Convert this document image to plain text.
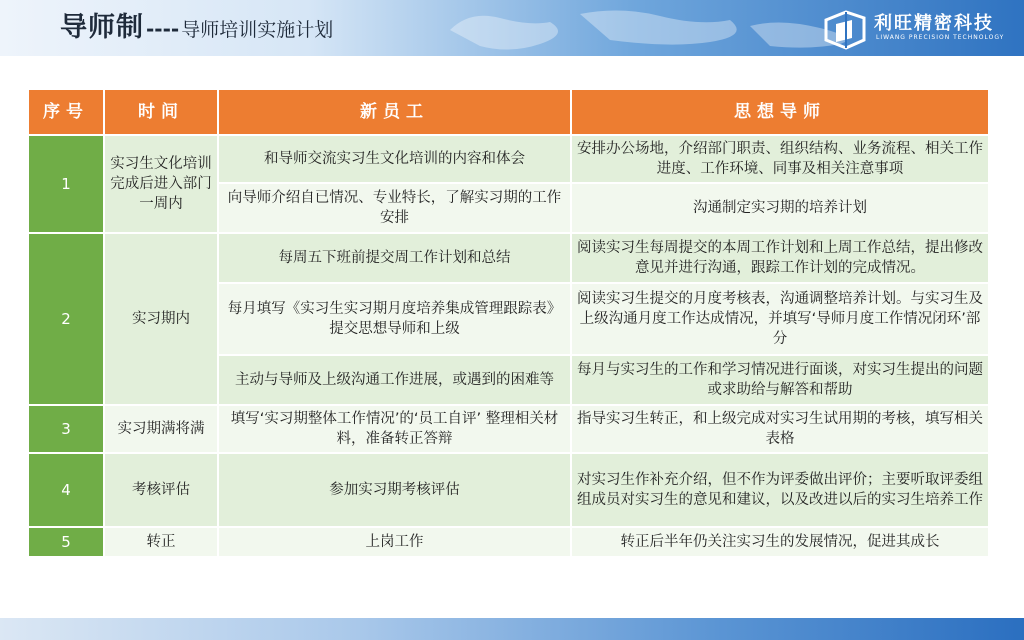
导师制 ---- 导师培训实施计划	利旺精密科技
LIWANG PRECISION TECHNOLOGY
序号	时间	新员工	思想导师
1	实习生文化培训完成后进入部门一周内	和导师交流实习生文化培训的内容和体会	安排办公场地，介绍部门职责、组织结构、业务流程、相关工作进度、工作环境、同事及相关注意事项
		向导师介绍自已情况、专业特长，了解实习期的工作安排	沟通制定实习期的培养计划
2	实习期内	每周五下班前提交周工作计划和总结	阅读实习生每周提交的本周工作计划和上周工作总结，提出修改意见并进行沟通，跟踪工作计划的完成情况。
		每月填写《实习生实习期月度培养集成管理跟踪表》提交思想导师和上级	阅读实习生提交的月度考核表，沟通调整培养计划。与实习生及上级沟通月度工作达成情况，并填写‘导师月度工作情况闭环’部分
		主动与导师及上级沟通工作进展，或遇到的困难等	每月与实习生的工作和学习情况进行面谈，对实习生提出的问题或求助给与解答和帮助
3	实习期满将满	填写‘实习期整体工作情况’的‘员工自评’ 整理相关材料，准备转正答辩	指导实习生转正，和上级完成对实习生试用期的考核，填写相关表格
4	考核评估	参加实习期考核评估	对实习生作补充介绍，但不作为评委做出评价；主要听取评委组组成员对实习生的意见和建议，以及改进以后的实习生培养工作
5	转正	上岗工作	转正后半年仍关注实习生的发展情况，促进其成长
